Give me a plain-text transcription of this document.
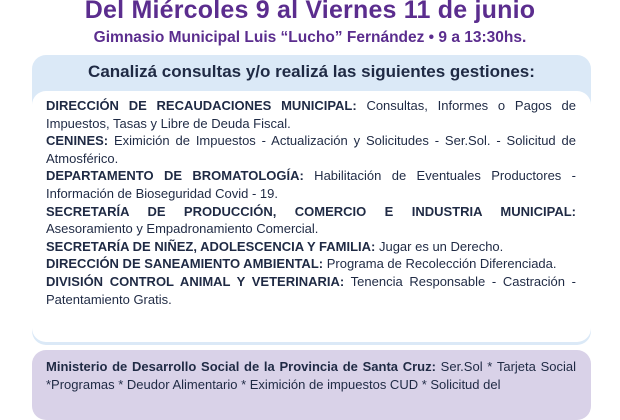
Del Miércoles 9 al Viernes 11 de junio
Gimnasio Municipal Luis “Lucho” Fernández • 9 a 13:30hs.
Canalizá consultas y/o realizá las siguientes gestiones:

DIRECCIÓN DE RECAUDACIONES MUNICIPAL: Consultas, Informes o Pagos de Impuestos, Tasas y Libre de Deuda Fiscal.

CENINES: Eximición de Impuestos - Actualización y Solicitudes - Ser.Sol. - Solicitud de Atmosférico.

DEPARTAMENTO DE BROMATOLOGÍA: Habilitación de Eventuales Productores - Información de Bioseguridad Covid - 19.

SECRETARÍA DE PRODUCCIÓN, COMERCIO E INDUSTRIA MUNICIPAL: Asesoramiento y Empadronamiento Comercial.

SECRETARÍA DE NIÑEZ, ADOLESCENCIA Y FAMILIA: Jugar es un Derecho.

DIRECCIÓN DE SANEAMIENTO AMBIENTAL: Programa de Recolección Diferenciada.

DIVISIÓN CONTROL ANIMAL Y VETERINARIA: Tenencia Responsable - Castración - Patentamiento Gratis.

Ministerio de Desarrollo Social de la Provincia de Santa Cruz: Ser.Sol * Tarjeta Social *Programas * Deudor Alimentario * Eximición de impuestos CUD * Solicitud del
